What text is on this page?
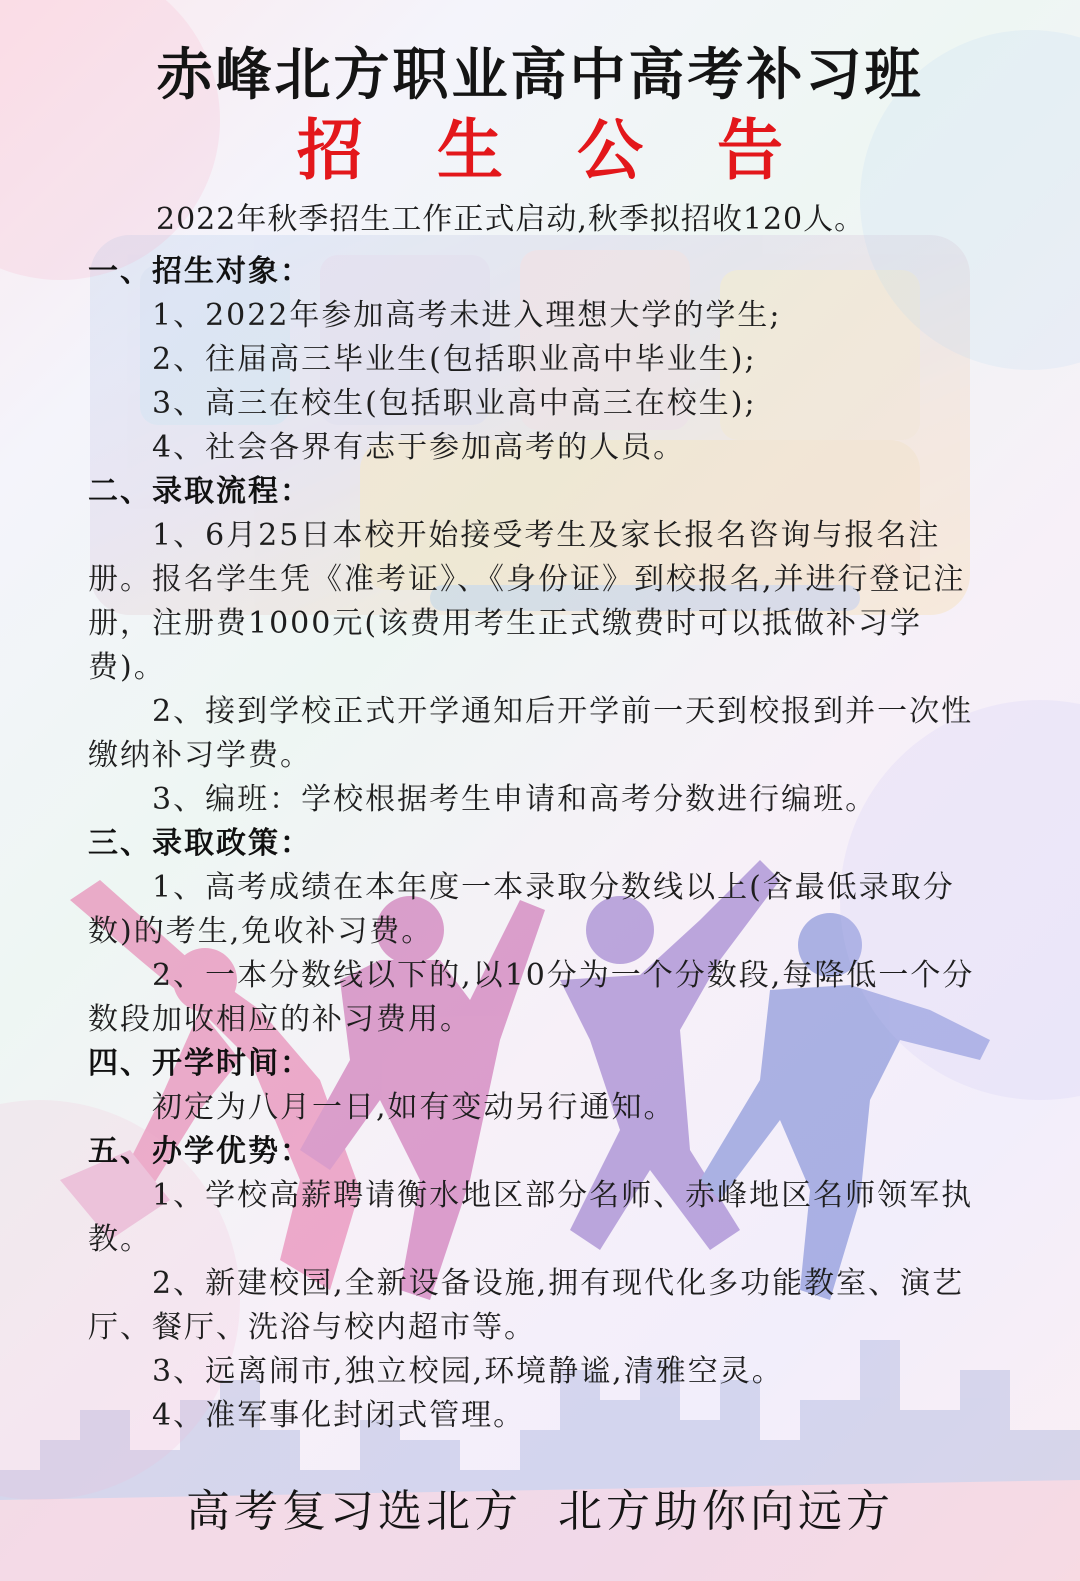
赤峰北方职业高中高考补习班
招生公告
2022年秋季招生工作正式启动,秋季拟招收120人。
一、招生对象：

1、2022年参加高考未进入理想大学的学生;

2、往届高三毕业生(包括职业高中毕业生);

3、高三在校生(包括职业高中高三在校生);

4、社会各界有志于参加高考的人员。

二、录取流程：

1、6月25日本校开始接受考生及家长报名咨询与报名注册。报名学生凭《准考证》、《身份证》到校报名,并进行登记注册，注册费1000元(该费用考生正式缴费时可以抵做补习学费)。

2、接到学校正式开学通知后开学前一天到校报到并一次性缴纳补习学费。

3、编班：学校根据考生申请和高考分数进行编班。

三、录取政策：

1、高考成绩在本年度一本录取分数线以上(含最低录取分数)的考生,免收补习费。

2、一本分数线以下的,以10分为一个分数段,每降低一个分数段加收相应的补习费用。

四、开学时间：

初定为八月一日,如有变动另行通知。

五、办学优势：

1、学校高薪聘请衡水地区部分名师、赤峰地区名师领军执教。

2、新建校园,全新设备设施,拥有现代化多功能教室、演艺厅、餐厅、洗浴与校内超市等。

3、远离闹市,独立校园,环境静谧,清雅空灵。

4、准军事化封闭式管理。

高考复习选北方  北方助你向远方
